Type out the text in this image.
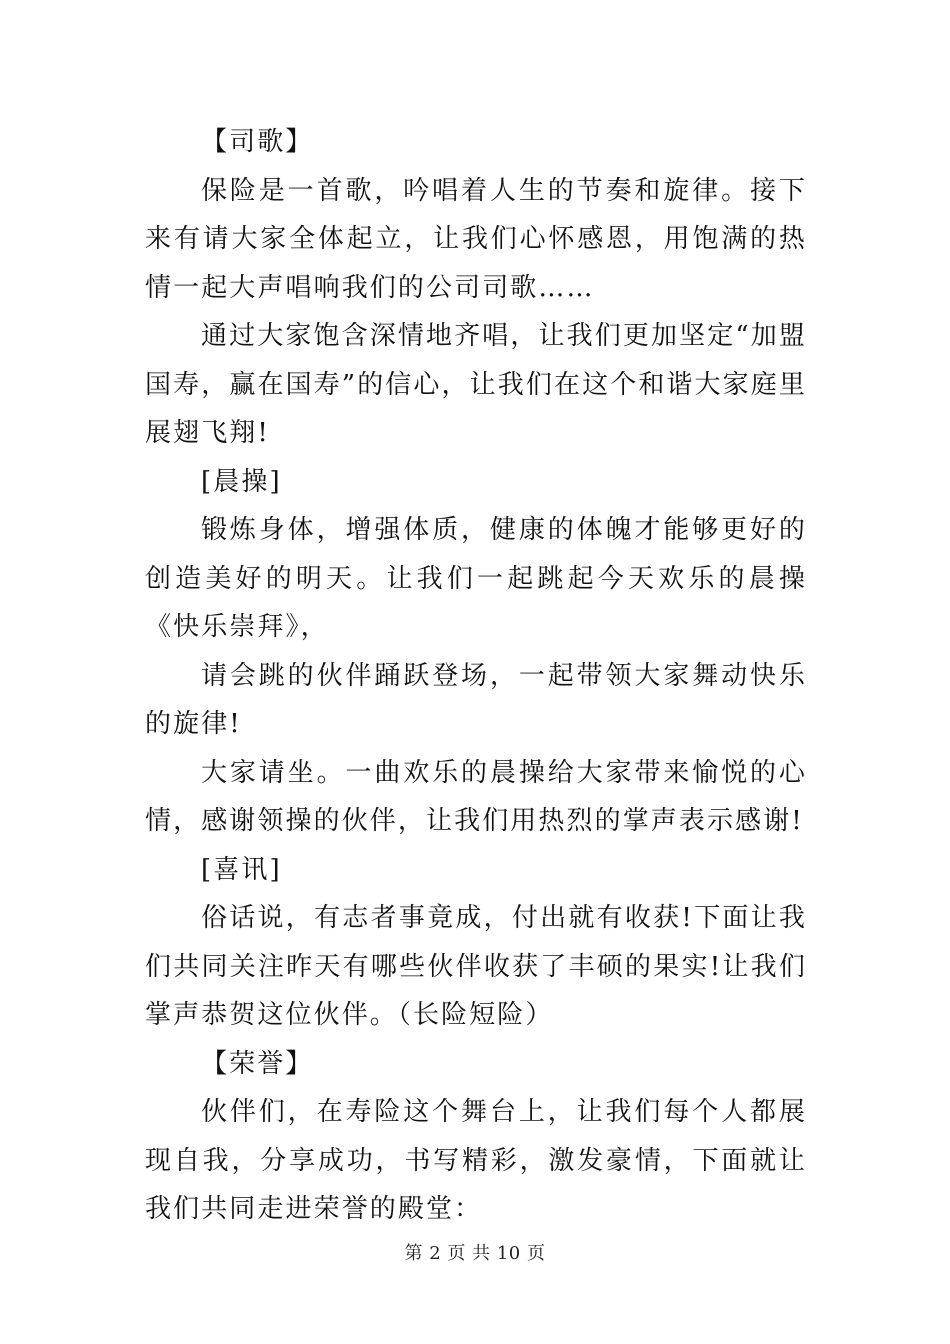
【司歌】

保险是一首歌，吟唱着人生的节奏和旋律。接下来有请大家全体起立，让我们心怀感恩，用饱满的热情一起大声唱响我们的公司司歌……

通过大家饱含深情地齐唱，让我们更加坚定“加盟国寿，赢在国寿”的信心，让我们在这个和谐大家庭里展翅飞翔!

[晨操]

锻炼身体，增强体质，健康的体魄才能够更好的创造美好的明天。让我们一起跳起今天欢乐的晨操《快乐崇拜》，

请会跳的伙伴踊跃登场，一起带领大家舞动快乐的旋律!

大家请坐。一曲欢乐的晨操给大家带来愉悦的心情，感谢领操的伙伴，让我们用热烈的掌声表示感谢!

[喜讯]

俗话说，有志者事竟成，付出就有收获!下面让我们共同关注昨天有哪些伙伴收获了丰硕的果实!让我们掌声恭贺这位伙伴。（长险短险）

【荣誉】

伙伴们，在寿险这个舞台上，让我们每个人都展现自我，分享成功，书写精彩，激发豪情，下面就让我们共同走进荣誉的殿堂：

第 2 页 共 10 页
